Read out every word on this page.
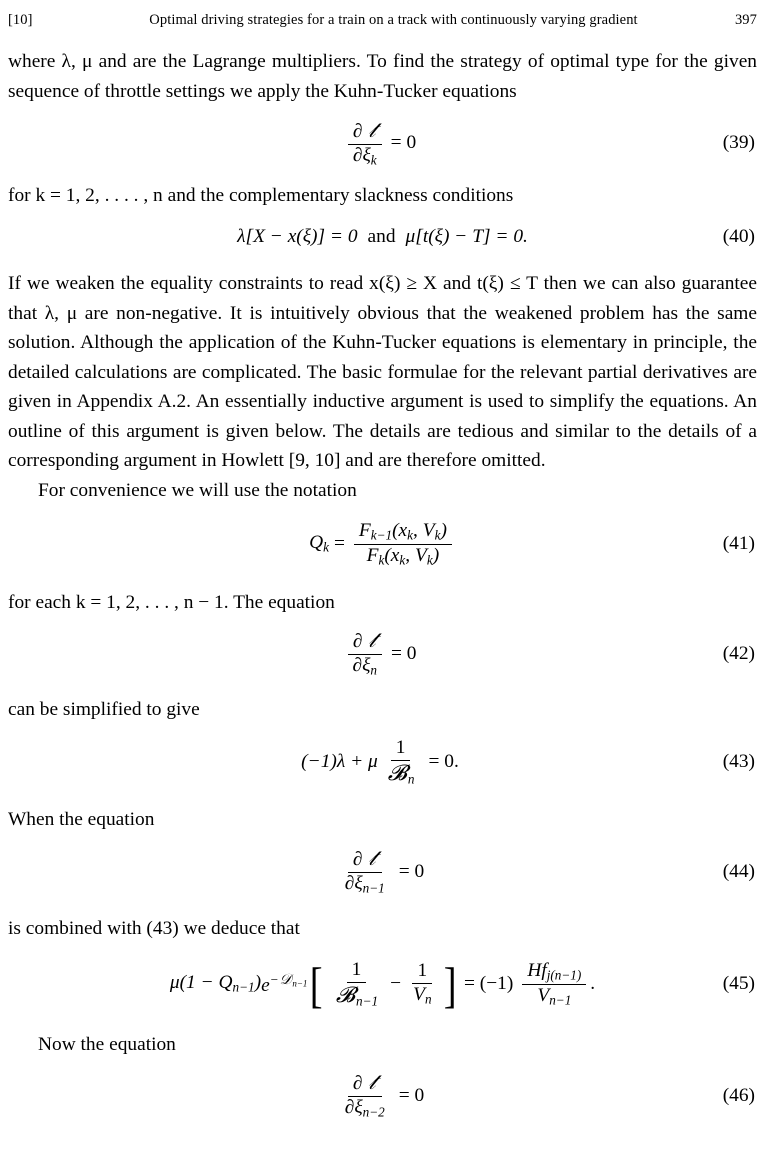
[10]	Optimal driving strategies for a train on a track with continuously varying gradient	397

where λ, μ and are the Lagrange multipliers. To find the strategy of optimal type for the given sequence of throttle settings we apply the Kuhn-Tucker equations

$\frac{\text{∂ 𝓉}}{\partial\xi_k} = 0$	(39)

for k = 1, 2, . . . . , n and the complementary slackness conditions

λ[X − x(ξ)] = 0 and μ[t(ξ) − T] = 0.	(40)

If we weaken the equality constraints to read x(ξ) ≥ X and t(ξ) ≤ T then we can also guarantee that λ, μ are non-negative. It is intuitively obvious that the weakened problem has the same solution. Although the application of the Kuhn-Tucker equations is elementary in principle, the detailed calculations are complicated. The basic formulae for the relevant partial derivatives are given in Appendix A.2. An essentially inductive argument is used to simplify the equations. An outline of this argument is given below. The details are tedious and similar to the details of a corresponding argument in Howlett [9, 10] and are therefore omitted.

For convenience we will use the notation

$Q_k = \frac{F_{k-1}(x_k, V_k)}{F_k(x_k, V_k)}$	(41)

for each k = 1, 2, . . . , n − 1. The equation

$\frac{\text{∂ 𝓉}}{\partial\xi_n} = 0$	(42)

can be simplified to give

(−1)λ + μ $\frac{1}{𝓑_n} = 0$.	(43)

When the equation

$\frac{\text{∂ 𝓉}}{\partial\xi_{n-1}} = 0$	(44)

is combined with (43) we deduce that

$\mu(1 - Q_{n-1})$ $e^{-𝒟_{n-1}}$ [ $\frac{1}{𝓑_{n-1}} - \frac{1}{V_n}$ ] = $(-1) \frac{Hf_{j(n-1)}}{V_{n-1}}$ .	(45)

Now the equation

$\frac{\text{∂ 𝓉}}{\partial\xi_{n-2}} = 0$	(46)
